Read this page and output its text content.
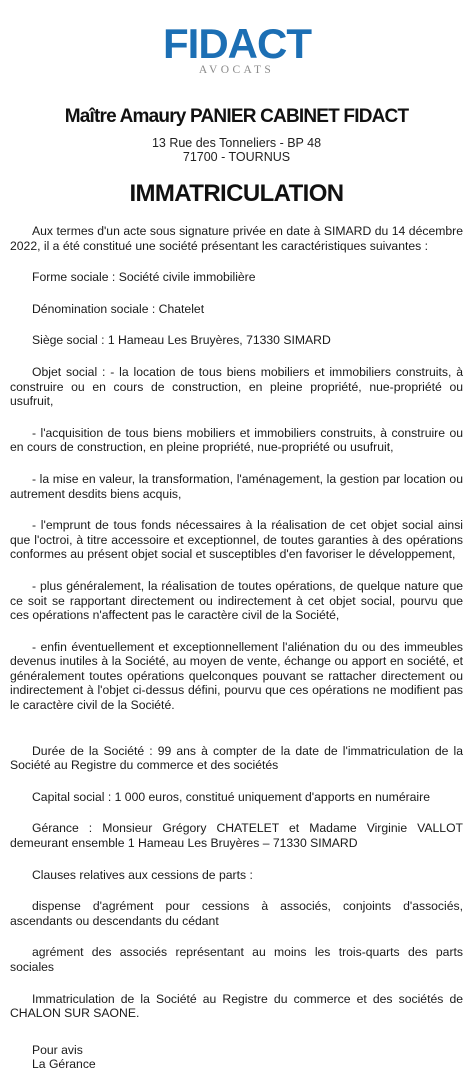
FIDACT
AVOCATS
Maître Amaury PANIER CABINET FIDACT
13 Rue des Tonneliers - BP 48
71700 - TOURNUS
IMMATRICULATION

Aux termes d'un acte sous signature privée en date à SIMARD du 14 décembre 2022, il a été constitué une société présentant les caractéristiques suivantes :

Forme sociale : Société civile immobilière

Dénomination sociale : Chatelet

Siège social : 1 Hameau Les Bruyères, 71330 SIMARD

Objet social : - la location de tous biens mobiliers et immobiliers construits, à construire ou en cours de construction, en pleine propriété, nue-propriété ou usufruit,

- l'acquisition de tous biens mobiliers et immobiliers construits, à construire ou en cours de construction, en pleine propriété, nue-propriété ou usufruit,

- la mise en valeur, la transformation, l'aménagement, la gestion par location ou autrement desdits biens acquis,

- l'emprunt de tous fonds nécessaires à la réalisation de cet objet social ainsi que l'octroi, à titre accessoire et exceptionnel, de toutes garanties à des opérations conformes au présent objet social et susceptibles d'en favoriser le développement,

- plus généralement, la réalisation de toutes opérations, de quelque nature que ce soit se rapportant directement ou indirectement à cet objet social, pourvu que ces opérations n'affectent pas le caractère civil de la Société,

- enfin éventuellement et exceptionnellement l'aliénation du ou des immeubles devenus inutiles à la Société, au moyen de vente, échange ou apport en société, et généralement toutes opérations quelconques pouvant se rattacher directement ou indirectement à l'objet ci-dessus défini, pourvu que ces opérations ne modifient pas le caractère civil de la Société.

Durée de la Société : 99 ans à compter de la date de l'immatriculation de la Société au Registre du commerce et des sociétés

Capital social : 1 000 euros, constitué uniquement d'apports en numéraire

Gérance : Monsieur Grégory CHATELET et Madame Virginie VALLOT demeurant ensemble 1 Hameau Les Bruyères – 71330 SIMARD

Clauses relatives aux cessions de parts :

dispense d'agrément pour cessions à associés, conjoints d'associés, ascendants ou descendants du cédant

agrément des associés représentant au moins les trois-quarts des parts sociales

Immatriculation de la Société au Registre du commerce et des sociétés de CHALON SUR SAONE.

Pour avis
La Gérance
